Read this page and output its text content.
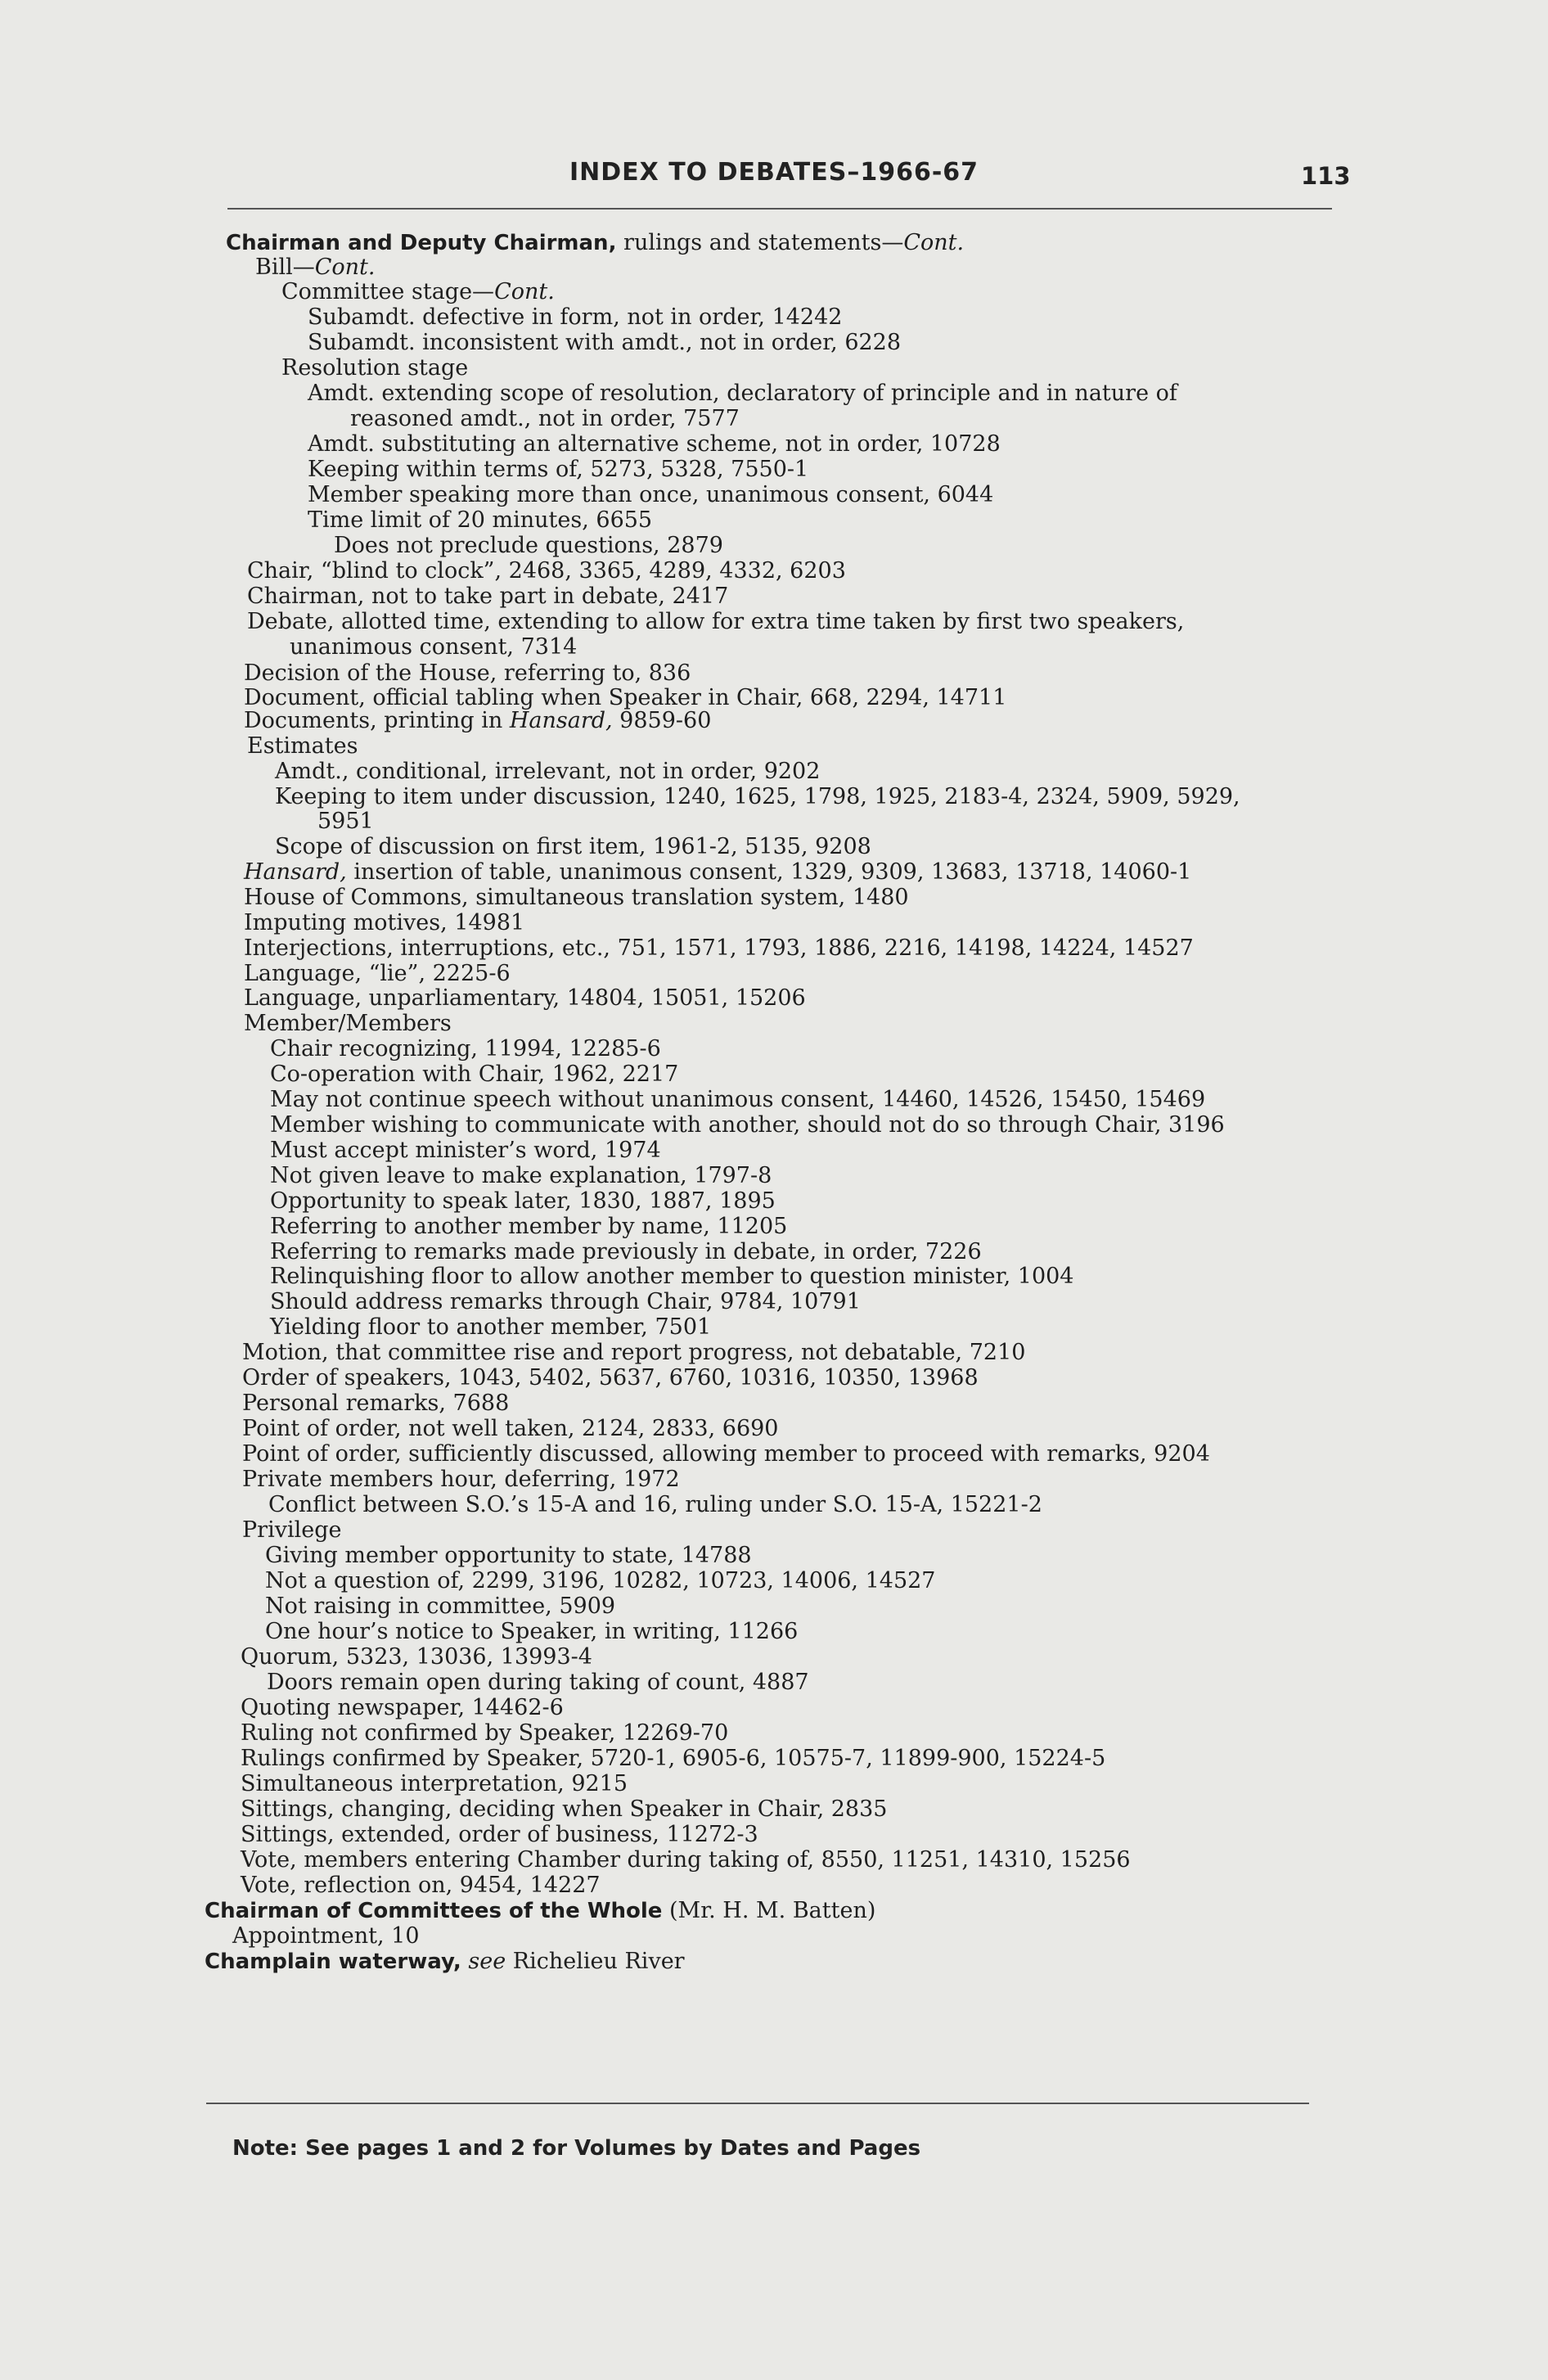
INDEX TO DEBATES–1966-67	113
Chairman and Deputy Chairman, rulings and statements—Cont.
Bill—Cont.
Committee stage—Cont.
Subamdt. defective in form, not in order, 14242
Subamdt. inconsistent with amdt., not in order, 6228
Resolution stage
Amdt. extending scope of resolution, declaratory of principle and in nature of
reasoned amdt., not in order, 7577
Amdt. substituting an alternative scheme, not in order, 10728
Keeping within terms of, 5273, 5328, 7550-1
Member speaking more than once, unanimous consent, 6044
Time limit of 20 minutes, 6655
Does not preclude questions, 2879
Chair, “blind to clock”, 2468, 3365, 4289, 4332, 6203
Chairman, not to take part in debate, 2417
Debate, allotted time, extending to allow for extra time taken by first two speakers,
unanimous consent, 7314
Decision of the House, referring to, 836
Document, official tabling when Speaker in Chair, 668, 2294, 14711
Documents, printing in Hansard, 9859-60
Estimates
Amdt., conditional, irrelevant, not in order, 9202
Keeping to item under discussion, 1240, 1625, 1798, 1925, 2183-4, 2324, 5909, 5929,
5951
Scope of discussion on first item, 1961-2, 5135, 9208
Hansard, insertion of table, unanimous consent, 1329, 9309, 13683, 13718, 14060-1
House of Commons, simultaneous translation system, 1480
Imputing motives, 14981
Interjections, interruptions, etc., 751, 1571, 1793, 1886, 2216, 14198, 14224, 14527
Language, “lie”, 2225-6
Language, unparliamentary, 14804, 15051, 15206
Member/Members
Chair recognizing, 11994, 12285-6
Co-operation with Chair, 1962, 2217
May not continue speech without unanimous consent, 14460, 14526, 15450, 15469
Member wishing to communicate with another, should not do so through Chair, 3196
Must accept minister’s word, 1974
Not given leave to make explanation, 1797-8
Opportunity to speak later, 1830, 1887, 1895
Referring to another member by name, 11205
Referring to remarks made previously in debate, in order, 7226
Relinquishing floor to allow another member to question minister, 1004
Should address remarks through Chair, 9784, 10791
Yielding floor to another member, 7501
Motion, that committee rise and report progress, not debatable, 7210
Order of speakers, 1043, 5402, 5637, 6760, 10316, 10350, 13968
Personal remarks, 7688
Point of order, not well taken, 2124, 2833, 6690
Point of order, sufficiently discussed, allowing member to proceed with remarks, 9204
Private members hour, deferring, 1972
Conflict between S.O.’s 15-A and 16, ruling under S.O. 15-A, 15221-2
Privilege
Giving member opportunity to state, 14788
Not a question of, 2299, 3196, 10282, 10723, 14006, 14527
Not raising in committee, 5909
One hour’s notice to Speaker, in writing, 11266
Quorum, 5323, 13036, 13993-4
Doors remain open during taking of count, 4887
Quoting newspaper, 14462-6
Ruling not confirmed by Speaker, 12269-70
Rulings confirmed by Speaker, 5720-1, 6905-6, 10575-7, 11899-900, 15224-5
Simultaneous interpretation, 9215
Sittings, changing, deciding when Speaker in Chair, 2835
Sittings, extended, order of business, 11272-3
Vote, members entering Chamber during taking of, 8550, 11251, 14310, 15256
Vote, reflection on, 9454, 14227
Chairman of Committees of the Whole (Mr. H. M. Batten)
Appointment, 10
Champlain waterway, see Richelieu River
Note: See pages 1 and 2 for Volumes by Dates and Pages
